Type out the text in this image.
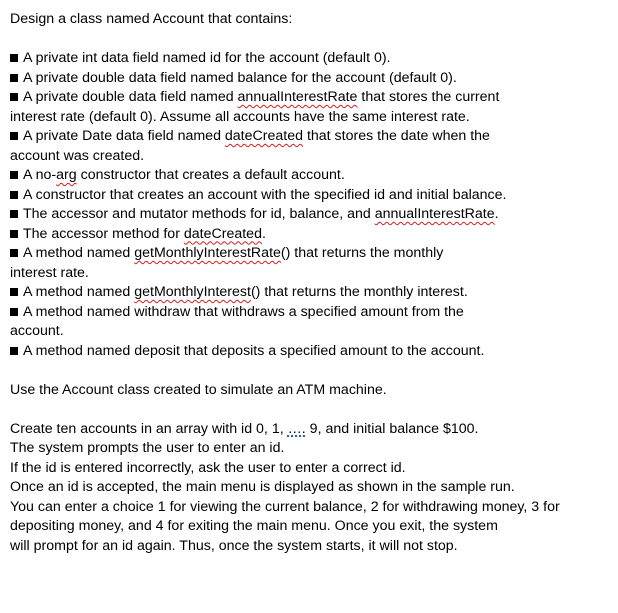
Design a class named Account that contains:
A private int data field named id for the account (default 0).
A private double data field named balance for the account (default 0).
A private double data field named annualInterestRate that stores the current
interest rate (default 0). Assume all accounts have the same interest rate.
A private Date data field named dateCreated that stores the date when the
account was created.
A no-arg constructor that creates a default account.
A constructor that creates an account with the specified id and initial balance.
The accessor and mutator methods for id, balance, and annualInterestRate.
The accessor method for dateCreated.
A method named getMonthlyInterestRate() that returns the monthly
interest rate.
A method named getMonthlyInterest() that returns the monthly interest.
A method named withdraw that withdraws a specified amount from the
account.
A method named deposit that deposits a specified amount to the account.
Use the Account class created to simulate an ATM machine.
Create ten accounts in an array with id 0, 1, …. 9, and initial balance $100.
The system prompts the user to enter an id.
If the id is entered incorrectly, ask the user to enter a correct id.
Once an id is accepted, the main menu is displayed as shown in the sample run.
You can enter a choice 1 for viewing the current balance, 2 for withdrawing money, 3 for
depositing money, and 4 for exiting the main menu. Once you exit, the system
will prompt for an id again. Thus, once the system starts, it will not stop.
